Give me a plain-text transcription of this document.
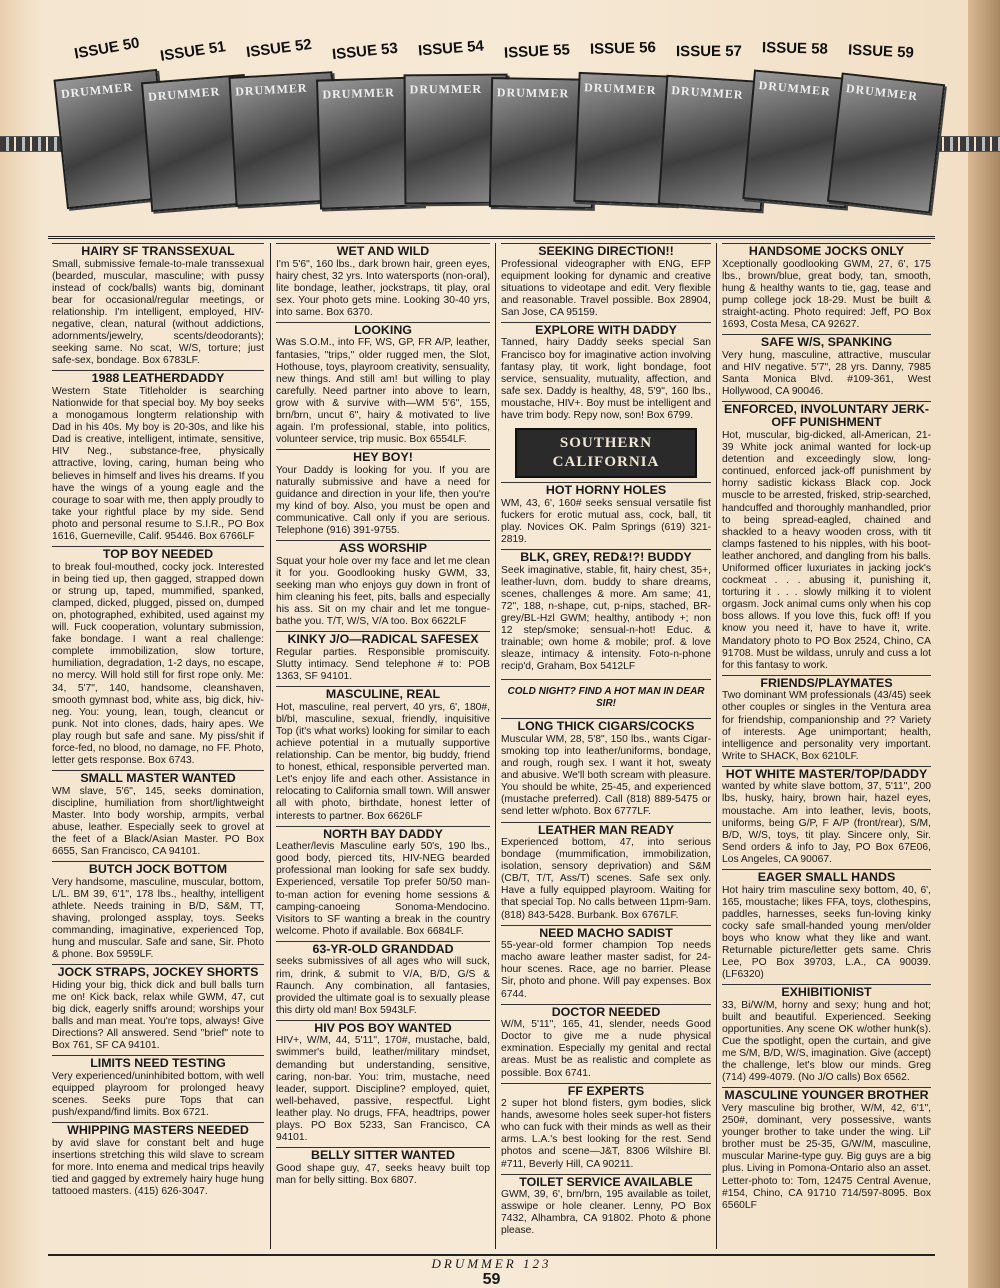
DRUMMER
ISSUE 50
DRUMMER
ISSUE 51
DRUMMER
ISSUE 52
DRUMMER
ISSUE 53
DRUMMER
ISSUE 54
DRUMMER
ISSUE 55
DRUMMER
ISSUE 56
DRUMMER
ISSUE 57
DRUMMER
ISSUE 58
DRUMMER
ISSUE 59
HAIRY SF TRANSSEXUAL

Small, submissive female-to-male transsexual (bearded, muscular, masculine; with pussy instead of cock/balls) wants big, dominant bear for occasional/regular meetings, or relationship. I'm intelligent, employed, HIV-negative, clean, natural (without addictions, adornments/jewelry, scents/deodorants); seeking same. No scat, W/S, torture; just safe-sex, bondage. Box 6783LF.

1988 LEATHERDADDY

Western State Titleholder is searching Nationwide for that special boy. My boy seeks a monogamous longterm relationship with Dad in his 40s. My boy is 20-30s, and like his Dad is creative, intelligent, intimate, sensitive, HIV Neg., substance-free, physically attractive, loving, caring, human being who believes in himself and lives his dreams. If you have the wings of a young eagle and the courage to soar with me, then apply proudly to take your rightful place by my side. Send photo and personal resume to S.I.R., PO Box 1616, Guerneville, Calif. 95446. Box 6766LF

TOP BOY NEEDED

to break foul-mouthed, cocky jock. Interested in being tied up, then gagged, strapped down or strung up, taped, mummified, spanked, clamped, dicked, plugged, pissed on, dumped on, photographed, exhibited, used against my will. Fuck cooperation, voluntary submission, fake bondage. I want a real challenge: complete immobilization, slow torture, humiliation, degradation, 1-2 days, no escape, no mercy. Will hold still for first rope only. Me: 34, 5'7", 140, handsome, cleanshaven, smooth gymnast bod, white ass, big dick, hiv-neg. You: young, lean, tough, cleancut or punk. Not into clones, dads, hairy apes. We play rough but safe and sane. My piss/shit if force-fed, no blood, no damage, no FF. Photo, letter gets response. Box 6743.

SMALL MASTER WANTED

WM slave, 5'6", 145, seeks domination, discipline, humiliation from short/lightweight Master. Into body worship, armpits, verbal abuse, leather. Especially seek to grovel at the feet of a Black/Asian Master. PO Box 6655, San Francisco, CA 94101.

BUTCH JOCK BOTTOM

Very handsome, masculine, muscular, bottom, L/L. BM 39, 6'1", 178 lbs., healthy, intelligent athlete. Needs training in B/D, S&M, TT, shaving, prolonged assplay, toys. Seeks commanding, imaginative, experienced Top, hung and muscular. Safe and sane, Sir. Photo & phone. Box 5959LF.

JOCK STRAPS, JOCKEY SHORTS

Hiding your big, thick dick and bull balls turn me on! Kick back, relax while GWM, 47, cut big dick, eagerly sniffs around; worships your balls and man meat. You're tops, always! Give Directions? All answered. Send "brief" note to Box 761, SF CA 94101.

LIMITS NEED TESTING

Very experienced/uninhibited bottom, with well equipped playroom for prolonged heavy scenes. Seeks pure Tops that can push/expand/find limits. Box 6721.

WHIPPING MASTERS NEEDED

by avid slave for constant belt and huge insertions stretching this wild slave to scream for more. Into enema and medical trips heavily tied and gagged by extremely hairy huge hung tattooed masters. (415) 626-3047.

WET AND WILD

I'm 5'6", 160 lbs., dark brown hair, green eyes, hairy chest, 32 yrs. Into watersports (non-oral), lite bondage, leather, jockstraps, tit play, oral sex. Your photo gets mine. Looking 30-40 yrs, into same. Box 6370.

LOOKING

Was S.O.M., into FF, WS, GP, FR A/P, leather, fantasies, "trips," older rugged men, the Slot, Hothouse, toys, playroom creativity, sensuality, new things. And still am! but willing to play carefully. Need partner into above to learn, grow with & survive with—WM 5'6", 155, brn/brn, uncut 6", hairy & motivated to live again. I'm professional, stable, into politics, volunteer service, trip music. Box 6554LF.

HEY BOY!

Your Daddy is looking for you. If you are naturally submissive and have a need for guidance and direction in your life, then you're my kind of boy. Also, you must be open and communicative. Call only if you are serious. Telephone (916) 391-9755.

ASS WORSHIP

Squat your hole over my face and let me clean it for you. Goodlooking husky GWM, 33, seeking man who enjoys guy down in front of him cleaning his feet, pits, balls and especially his ass. Sit on my chair and let me tongue-bathe you. T/T, W/S, V/A too. Box 6622LF

KINKY J/O—RADICAL SAFESEX

Regular parties. Responsible promiscuity. Slutty intimacy. Send telephone # to: POB 1363, SF 94101.

MASCULINE, REAL

Hot, masculine, real pervert, 40 yrs, 6', 180#, bl/bl, masculine, sexual, friendly, inquisitive Top (it's what works) looking for similar to each achieve potential in a mutually supportive relationship. Can be mentor, big buddy, friend to honest, ethical, responsible perverted man. Let's enjoy life and each other. Assistance in relocating to California small town. Will answer all with photo, birthdate, honest letter of interests to partner. Box 6626LF

NORTH BAY DADDY

Leather/levis Masculine early 50's, 190 lbs., good body, pierced tits, HIV-NEG bearded professional man looking for safe sex buddy. Experienced, versatile Top prefer 50/50 man-to-man action for evening home sessions & camping-canoeing Sonoma-Mendocino. Visitors to SF wanting a break in the country welcome. Photo if available. Box 6684LF.

63-YR-OLD GRANDDAD

seeks submissives of all ages who will suck, rim, drink, & submit to V/A, B/D, G/S & Raunch. Any combination, all fantasies, provided the ultimate goal is to sexually please this dirty old man! Box 5943LF.

HIV POS BOY WANTED

HIV+, W/M, 44, 5'11", 170#, mustache, bald, swimmer's build, leather/military mindset, demanding but understanding, sensitive, caring, non-bar. You: trim, mustache, need leader, support. Discipline? employed, quiet, well-behaved, passive, respectful. Light leather play. No drugs, FFA, headtrips, power plays. PO Box 5233, San Francisco, CA 94101.

BELLY SITTER WANTED

Good shape guy, 47, seeks heavy built top man for belly sitting. Box 6807.

SEEKING DIRECTION!!

Professional videographer with ENG, EFP equipment looking for dynamic and creative situations to videotape and edit. Very flexible and reasonable. Travel possible. Box 28904, San Jose, CA 95159.

EXPLORE WITH DADDY

Tanned, hairy Daddy seeks special San Francisco boy for imaginative action involving fantasy play, tit work, light bondage, foot service, sensuality, mutuality, affection, and safe sex. Daddy is healthy, 48, 5'9", 160 lbs., moustache, HIV+. Boy must be intelligent and have trim body. Repy now, son! Box 6799.

SOUTHERN CALIFORNIA
HOT HORNY HOLES

WM, 43, 6', 160# seeks sensual versatile fist fuckers for erotic mutual ass, cock, ball, tit play. Novices OK. Palm Springs (619) 321-2819.

BLK, GREY, RED&!?! BUDDY

Seek imaginative, stable, fit, hairy chest, 35+, leather-luvn, dom. buddy to share dreams, scenes, challenges & more. Am same; 41, 72", 188, n-shape, cut, p-nips, stached, BR-grey/BL-Hzl GWM; healthy, antibody +; non 12 step/smoke; sensual-n-hot! Educ. & trainable; own home & mobile; prof. & love sleaze, intimacy & intensity. Foto-n-phone recip'd, Graham, Box 5412LF

COLD NIGHT? FIND A HOT MAN IN DEAR SIR!
LONG THICK CIGARS/COCKS

Muscular WM, 28, 5'8", 150 lbs., wants Cigar-smoking top into leather/uniforms, bondage, and rough, rough sex. I want it hot, sweaty and abusive. We'll both scream with pleasure. You should be white, 25-45, and experienced (mustache preferred). Call (818) 889-5475 or send letter w/photo. Box 6777LF.

LEATHER MAN READY

Experienced bottom, 47, into serious bondage (mummification, immobilization, isolation, sensory deprivation) and S&M (CB/T, T/T, Ass/T) scenes. Safe sex only. Have a fully equipped playroom. Waiting for that special Top. No calls between 11pm-9am. (818) 843-5428. Burbank. Box 6767LF.

NEED MACHO SADIST

55-year-old former champion Top needs macho aware leather master sadist, for 24-hour scenes. Race, age no barrier. Please Sir, photo and phone. Will pay expenses. Box 6744.

DOCTOR NEEDED

W/M, 5'11", 165, 41, slender, needs Good Doctor to give me a nude physical exmination. Especially my genital and rectal areas. Must be as realistic and complete as possible. Box 6741.

FF EXPERTS

2 super hot blond fisters, gym bodies, slick hands, awesome holes seek super-hot fisters who can fuck with their minds as well as their arms. L.A.'s best looking for the rest. Send photos and scene—J&T, 8306 Wilshire Bl. #711, Beverly Hill, CA 90211.

TOILET SERVICE AVAILABLE

GWM, 39, 6', brn/brn, 195 available as toilet, asswipe or hole cleaner. Lenny, PO Box 7432, Alhambra, CA 91802. Photo & phone please.

HANDSOME JOCKS ONLY

Xceptionally goodlooking GWM, 27, 6', 175 lbs., brown/blue, great body, tan, smooth, hung & healthy wants to tie, gag, tease and pump college jock 18-29. Must be built & straight-acting. Photo required: Jeff, PO Box 1693, Costa Mesa, CA 92627.

SAFE W/S, SPANKING

Very hung, masculine, attractive, muscular and HIV negative. 5'7", 28 yrs. Danny, 7985 Santa Monica Blvd. #109-361, West Hollywood, CA 90046.

ENFORCED, INVOLUNTARY JERK-OFF PUNISHMENT

Hot, muscular, big-dicked, all-American, 21-39 White jock animal wanted for lock-up detention and exceedingly slow, long-continued, enforced jack-off punishment by horny sadistic kickass Black cop. Jock muscle to be arrested, frisked, strip-searched, handcuffed and thoroughly manhandled, prior to being spread-eagled, chained and shackled to a heavy wooden cross, with tit clamps fastened to his nipples, with his boot-leather anchored, and dangling from his balls. Uniformed officer luxuriates in jacking jock's cockmeat . . . abusing it, punishing it, torturing it . . . slowly milking it to violent orgasm. Jock animal cums only when his cop boss allows. If you love this, fuck off! If you know you need it, have to have it, write. Mandatory photo to PO Box 2524, Chino, CA 91708. Must be wildass, unruly and cuss a lot for this fantasy to work.

FRIENDS/PLAYMATES

Two dominant WM professionals (43/45) seek other couples or singles in the Ventura area for friendship, companionship and ?? Variety of interests. Age unimportant; health, intelligence and personality very important. Write to SHACK, Box 6210LF.

HOT WHITE MASTER/TOP/DADDY

wanted by white slave bottom, 37, 5'11", 200 lbs, husky, hairy, brown hair, hazel eyes, moustache. Am into leather, levis, boots, uniforms, being G/P, F A/P (front/rear), S/M, B/D, W/S, toys, tit play. Sincere only, Sir. Send orders & info to Jay, PO Box 67E06, Los Angeles, CA 90067.

EAGER SMALL HANDS

Hot hairy trim masculine sexy bottom, 40, 6', 165, moustache; likes FFA, toys, clothespins, paddles, harnesses, seeks fun-loving kinky cocky safe small-handed young men/older boys who know what they like and want. Returnable picture/letter gets same. Chris Lee, PO Box 39703, L.A., CA 90039. (LF6320)

EXHIBITIONIST

33, Bi/W/M, horny and sexy; hung and hot; built and beautiful. Experienced. Seeking opportunities. Any scene OK w/other hunk(s). Cue the spotlight, open the curtain, and give me S/M, B/D, W/S, imagination. Give (accept) the challenge, let's blow our minds. Greg (714) 499-4079. (No J/O calls) Box 6562.

MASCULINE YOUNGER BROTHER

Very masculine big brother, W/M, 42, 6'1", 250#, dominant, very possessive, wants younger brother to take under the wing. Lil' brother must be 25-35, G/W/M, masculine, muscular Marine-type guy. Big guys are a big plus. Living in Pomona-Ontario also an asset. Letter-photo to: Tom, 12475 Central Avenue, #154, Chino, CA 91710 714/597-8095. Box 6560LF

DRUMMER 123
59
